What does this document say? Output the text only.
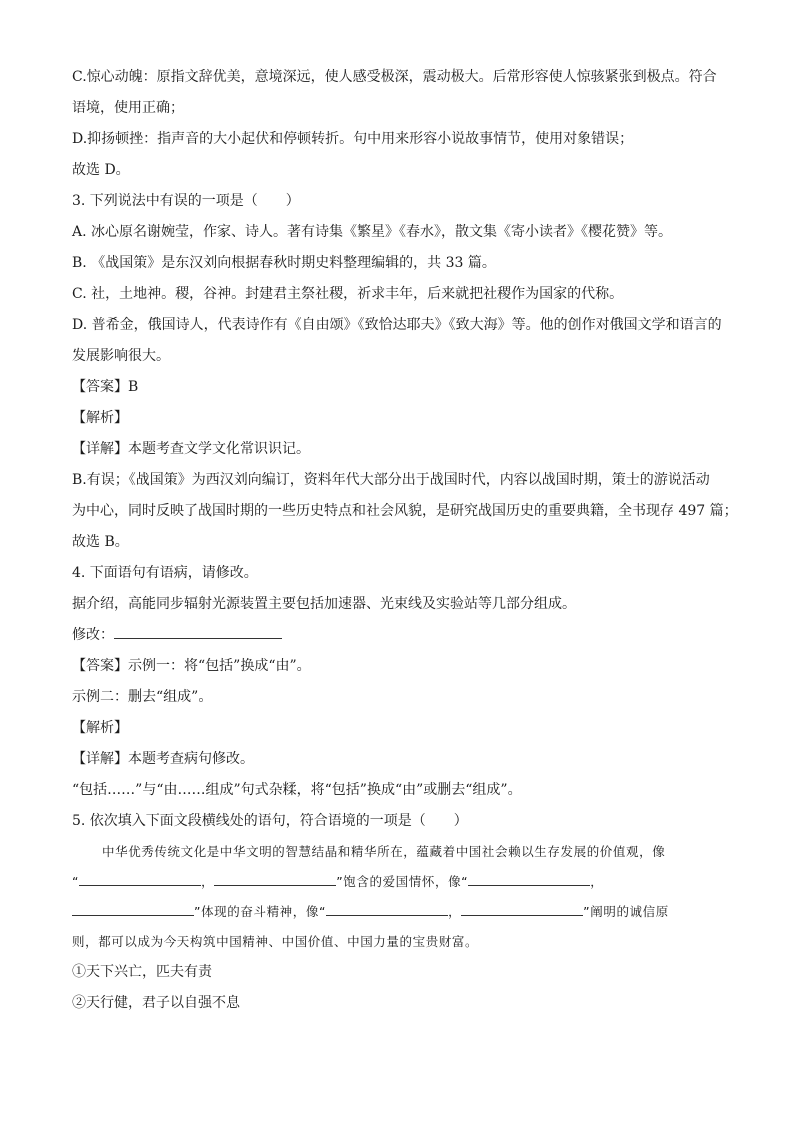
C.惊心动魄：原指文辞优美，意境深远，使人感受极深，震动极大。后常形容使人惊骇紧张到极点。符合
语境，使用正确；
D.抑扬顿挫：指声音的大小起伏和停顿转折。句中用来形容小说故事情节，使用对象错误；
故选 D。
3. 下列说法中有误的一项是（　　）
A. 冰心原名谢婉莹，作家、诗人。著有诗集《繁星》《春水》，散文集《寄小读者》《樱花赞》等。
B. 《战国策》是东汉刘向根据春秋时期史料整理编辑的，共 33 篇。
C. 社，土地神。稷，谷神。封建君主祭社稷，祈求丰年，后来就把社稷作为国家的代称。
D. 普希金，俄国诗人，代表诗作有《自由颂》《致恰达耶夫》《致大海》等。他的创作对俄国文学和语言的
发展影响很大。
【答案】B
【解析】
【详解】本题考查文学文化常识识记。
B.有误；《战国策》为西汉刘向编订，资料年代大部分出于战国时代，内容以战国时期，策士的游说活动
为中心，同时反映了战国时期的一些历史特点和社会风貌，是研究战国历史的重要典籍，全书现存 497 篇；
故选 B。
4. 下面语句有语病，请修改。
据介绍，高能同步辐射光源装置主要包括加速器、光束线及实验站等几部分组成。
修改：
【答案】示例一：将“包括”换成“由”。
示例二：删去“组成”。
【解析】
【详解】本题考查病句修改。
“包括……”与“由……组成”句式杂糅，将“包括”换成“由”或删去“组成”。
5. 依次填入下面文段横线处的语句，符合语境的一项是（　　）
中华优秀传统文化是中华文明的智慧结晶和精华所在，蕴藏着中国社会赖以生存发展的价值观，像
“	，	”饱含的爱国情怀，像“	，
”体现的奋斗精神，像“	，	”阐明的诚信原
则，都可以成为今天构筑中国精神、中国价值、中国力量的宝贵财富。
①天下兴亡，匹夫有责
②天行健，君子以自强不息
